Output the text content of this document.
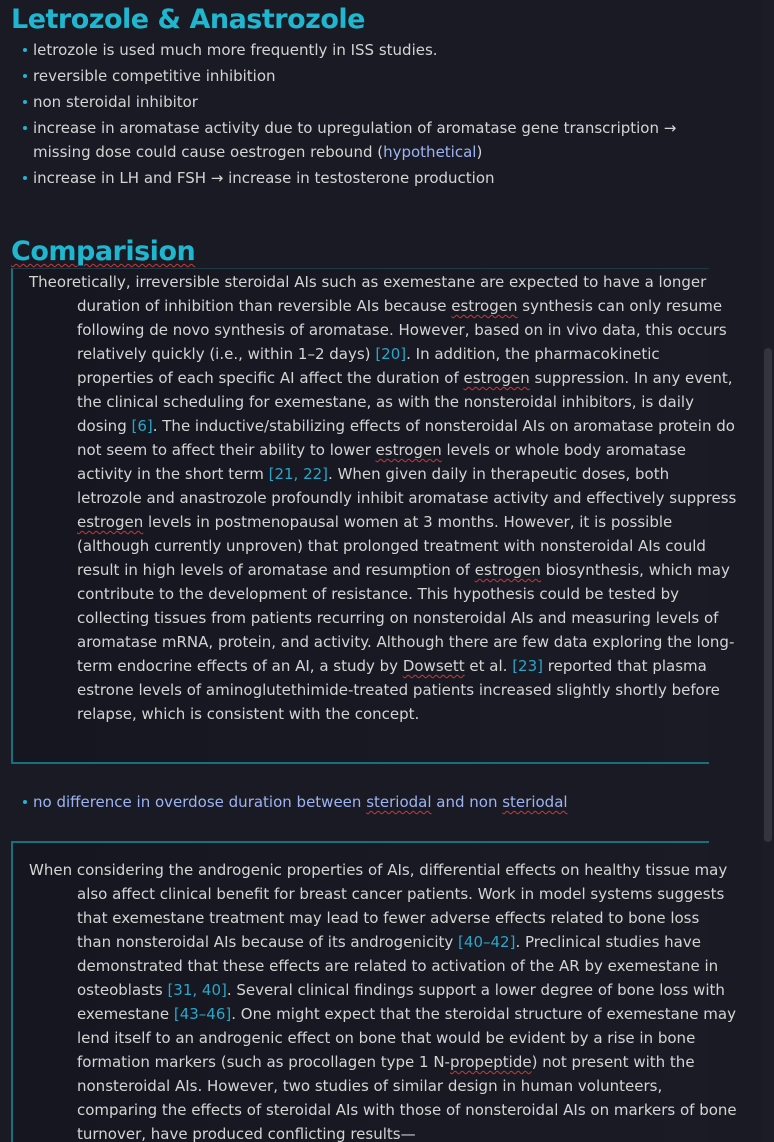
Letrozole & Anastrozole
letrozole is used much more frequently in ISS studies.
reversible competitive inhibition
non steroidal inhibitor
increase in aromatase activity due to upregulation of aromatase gene transcription → missing dose could cause oestrogen rebound (hypothetical)
increase in LH and FSH → increase in testosterone production
Comparision

Theoretically, irreversible steroidal AIs such as exemestane are expected to have a longer duration of inhibition than reversible AIs because estrogen synthesis can only resume following de novo synthesis of aromatase. However, based on in vivo data, this occurs relatively quickly (i.e., within 1–2 days) [20]. In addition, the pharmacokinetic properties of each specific AI affect the duration of estrogen suppression. In any event, the clinical scheduling for exemestane, as with the nonsteroidal inhibitors, is daily dosing [6]. The inductive/stabilizing effects of nonsteroidal AIs on aromatase protein do not seem to affect their ability to lower estrogen levels or whole body aromatase activity in the short term [21, 22]. When given daily in therapeutic doses, both letrozole and anastrozole profoundly inhibit aromatase activity and effectively suppress estrogen levels in postmenopausal women at 3 months. However, it is possible (although currently unproven) that prolonged treatment with nonsteroidal AIs could result in high levels of aromatase and resumption of estrogen biosynthesis, which may contribute to the development of resistance. This hypothesis could be tested by collecting tissues from patients recurring on nonsteroidal AIs and measuring levels of aromatase mRNA, protein, and activity. Although there are few data exploring the long-term endocrine effects of an AI, a study by Dowsett et al. [23] reported that plasma estrone levels of aminoglutethimide-treated patients increased slightly shortly before relapse, which is consistent with the concept.

no difference in overdose duration between steriodal and non steriodal

When considering the androgenic properties of AIs, differential effects on healthy tissue may also affect clinical benefit for breast cancer patients. Work in model systems suggests that exemestane treatment may lead to fewer adverse effects related to bone loss than nonsteroidal AIs because of its androgenicity [40–42]. Preclinical studies have demonstrated that these effects are related to activation of the AR by exemestane in osteoblasts [31, 40]. Several clinical findings support a lower degree of bone loss with exemestane [43–46]. One might expect that the steroidal structure of exemestane may lend itself to an androgenic effect on bone that would be evident by a rise in bone formation markers (such as procollagen type 1 N-propeptide) not present with the nonsteroidal AIs. However, two studies of similar design in human volunteers, comparing the effects of steroidal AIs with those of nonsteroidal AIs on markers of bone turnover, have produced conflicting results—
